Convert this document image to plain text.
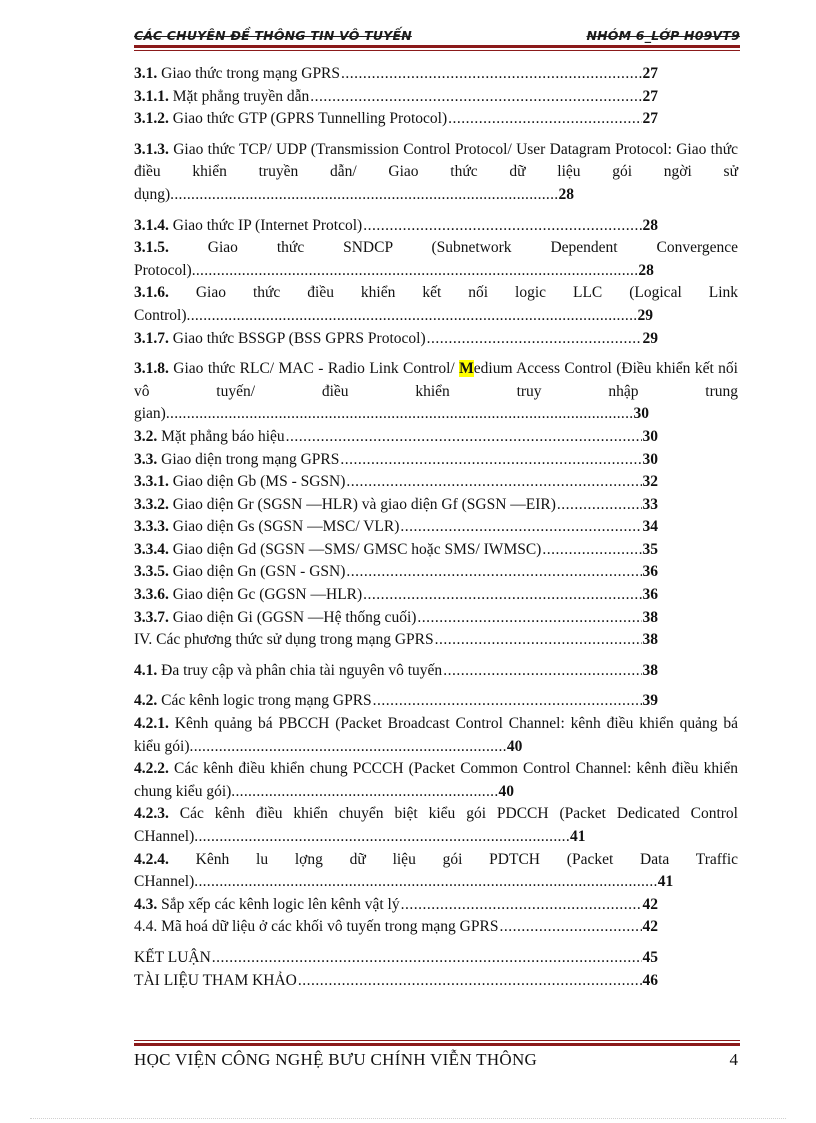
CÁC CHUYÊN ĐỀ THÔNG TIN VÔ TUYẾN	NHÓM 6_LỚP H09VT9
3.1. Giao thức trong mạng GPRS .....	27
3.1.1. Mặt phẳng truyền dẫn .....	27
3.1.2. Giao thức GTP (GPRS Tunnelling Protocol) .....	27
3.1.3. Giao thức TCP/ UDP (Transmission Control Protocol/ User Datagram Protocol: Giao thức điều khiển truyền dẫn/ Giao thức dữ liệu gói ngời sử dụng).............................................................................................28
3.1.4. Giao thức IP (Internet Protcol) .....	28
3.1.5. Giao thức SNDCP (Subnetwork Dependent Convergence Protocol)...........................................................................................................28
3.1.6. Giao thức điều khiển kết nối logic LLC (Logical Link Control)............................................................................................................29
3.1.7. Giao thức BSSGP (BSS GPRS Protocol) .....	29
3.1.8. Giao thức RLC/ MAC - Radio Link Control/ Medium Access Control (Điều khiển kết nối vô tuyến/ điều khiển truy nhập trung gian)................................................................................................................30
3.2. Mặt phẳng báo hiệu .....	30
3.3. Giao diện trong mạng GPRS .....	30
3.3.1. Giao diện Gb (MS - SGSN) .....	32
3.3.2. Giao diện Gr (SGSN —HLR) và giao diện Gf (SGSN —EIR) .....	33
3.3.3. Giao diện Gs (SGSN —MSC/ VLR) .....	34
3.3.4. Giao diện Gd (SGSN —SMS/ GMSC hoặc SMS/ IWMSC) .....	35
3.3.5. Giao diện Gn (GSN - GSN) .....	36
3.3.6. Giao diện Gc (GGSN —HLR) .....	36
3.3.7. Giao diện Gi (GGSN —Hệ thống cuối) .....	38
IV. Các phương thức sử dụng trong mạng GPRS .....	38
4.1. Đa truy cập và phân chia tài nguyên vô tuyến .....	38
4.2. Các kênh logic trong mạng GPRS .....	39
4.2.1. Kênh quảng bá PBCCH (Packet Broadcast Control Channel: kênh điều khiển quảng bá kiểu gói)............................................................................40
4.2.2. Các kênh điều khiển chung PCCCH (Packet Common Control Channel: kênh điều khiển chung kiểu gói)................................................................40
4.2.3. Các kênh điều khiển chuyển biệt kiểu gói PDCCH (Packet Dedicated Control CHannel)..........................................................................................41
4.2.4. Kênh lu lợng dữ liệu gói PDTCH (Packet Data Traffic CHannel)...............................................................................................................41
4.3. Sắp xếp các kênh logic lên kênh vật lý .....	42
4.4. Mã hoá dữ liệu ở các khối vô tuyến trong mạng GPRS .....	42
KẾT LUẬN .....	45
TÀI LIỆU THAM KHẢO .....	46
HỌC VIỆN CÔNG NGHỆ BƯU CHÍNH VIỄN THÔNG	4
